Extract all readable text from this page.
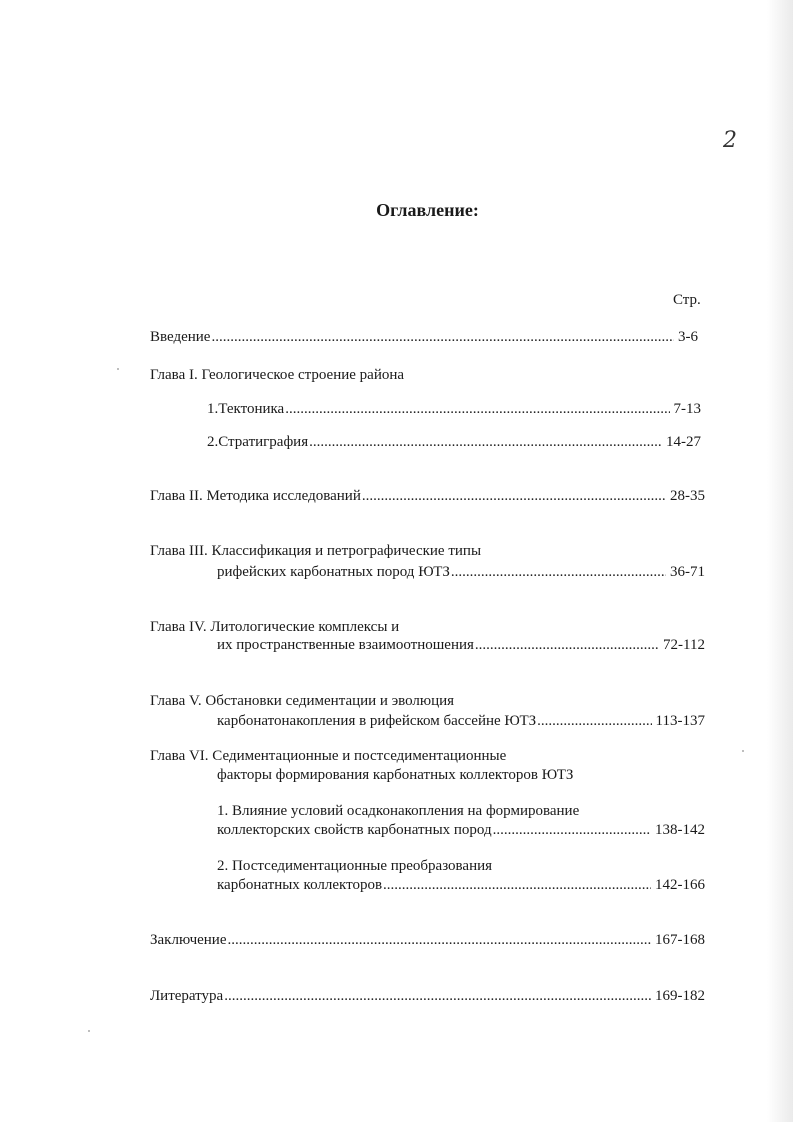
2
Оглавление:
Стр.
Введение .....	3-6
Глава I. Геологическое строение района
1.Тектоника .....	7-13
2.Стратиграфия .....	14-27
Глава II. Методика исследований .....	28-35
Глава III. Классификация и петрографические типы
рифейских карбонатных пород ЮТЗ .....	36-71
Глава IV. Литологические комплексы и
их пространственные взаимоотношения .....	72-112
Глава V. Обстановки седиментации и эволюция
карбонатонакопления в рифейском бассейне ЮТЗ .....	113-137
Глава VI. Седиментационные и постседиментационные
факторы формирования карбонатных коллекторов ЮТЗ
1. Влияние условий осадконакопления на формирование
коллекторских свойств карбонатных пород .....	138-142
2. Постседиментационные преобразования
карбонатных коллекторов .....	142-166
Заключение .....	167-168
Литература .....	169-182
